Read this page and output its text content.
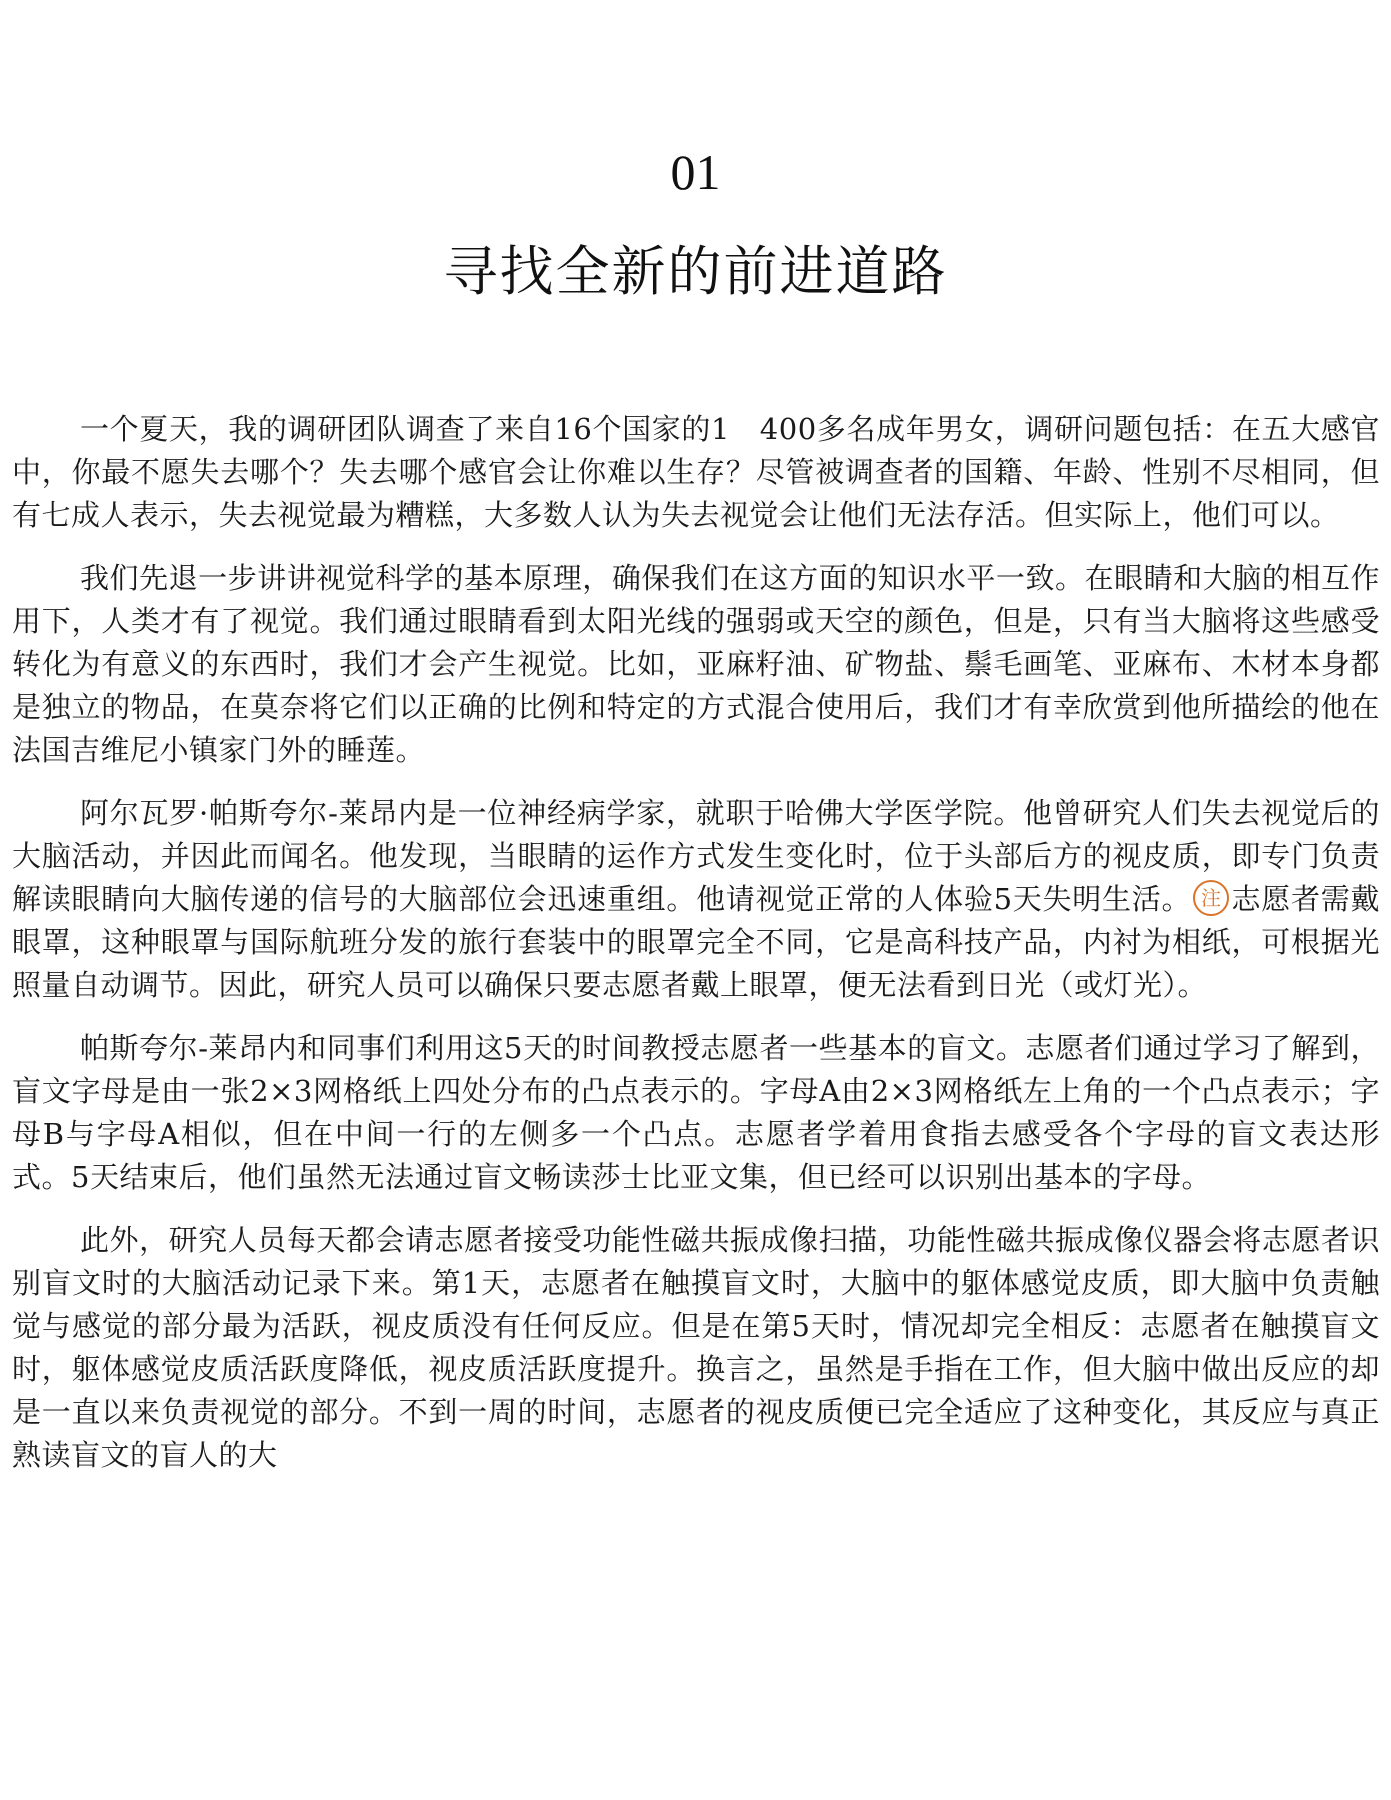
01
寻找全新的前进道路

一个夏天，我的调研团队调查了来自16个国家的1　400多名成年男女，调研问题包括：在五大感官中，你最不愿失去哪个？失去哪个感官会让你难以生存？尽管被调查者的国籍、年龄、性别不尽相同，但有七成人表示，失去视觉最为糟糕，大多数人认为失去视觉会让他们无法存活。但实际上，他们可以。

我们先退一步讲讲视觉科学的基本原理，确保我们在这方面的知识水平一致。在眼睛和大脑的相互作用下，人类才有了视觉。我们通过眼睛看到太阳光线的强弱或天空的颜色，但是，只有当大脑将这些感受转化为有意义的东西时，我们才会产生视觉。比如，亚麻籽油、矿物盐、鬃毛画笔、亚麻布、木材本身都是独立的物品，在莫奈将它们以正确的比例和特定的方式混合使用后，我们才有幸欣赏到他所描绘的他在法国吉维尼小镇家门外的睡莲。

阿尔瓦罗·帕斯夸尔-莱昂内是一位神经病学家，就职于哈佛大学医学院。他曾研究人们失去视觉后的大脑活动，并因此而闻名。他发现，当眼睛的运作方式发生变化时，位于头部后方的视皮质，即专门负责解读眼睛向大脑传递的信号的大脑部位会迅速重组。他请视觉正常的人体验5天失明生活。 注 志愿者需戴眼罩，这种眼罩与国际航班分发的旅行套装中的眼罩完全不同，它是高科技产品，内衬为相纸，可根据光照量自动调节。因此，研究人员可以确保只要志愿者戴上眼罩，便无法看到日光（或灯光）。

帕斯夸尔-莱昂内和同事们利用这5天的时间教授志愿者一些基本的盲文。志愿者们通过学习了解到，盲文字母是由一张2×3网格纸上四处分布的凸点表示的。字母A由2×3网格纸左上角的一个凸点表示；字母B与字母A相似，但在中间一行的左侧多一个凸点。志愿者学着用食指去感受各个字母的盲文表达形式。5天结束后，他们虽然无法通过盲文畅读莎士比亚文集，但已经可以识别出基本的字母。

此外，研究人员每天都会请志愿者接受功能性磁共振成像扫描，功能性磁共振成像仪器会将志愿者识别盲文时的大脑活动记录下来。第1天，志愿者在触摸盲文时，大脑中的躯体感觉皮质，即大脑中负责触觉与感觉的部分最为活跃，视皮质没有任何反应。但是在第5天时，情况却完全相反：志愿者在触摸盲文时，躯体感觉皮质活跃度降低，视皮质活跃度提升。换言之，虽然是手指在工作，但大脑中做出反应的却是一直以来负责视觉的部分。不到一周的时间，志愿者的视皮质便已完全适应了这种变化，其反应与真正熟读盲文的盲人的大
